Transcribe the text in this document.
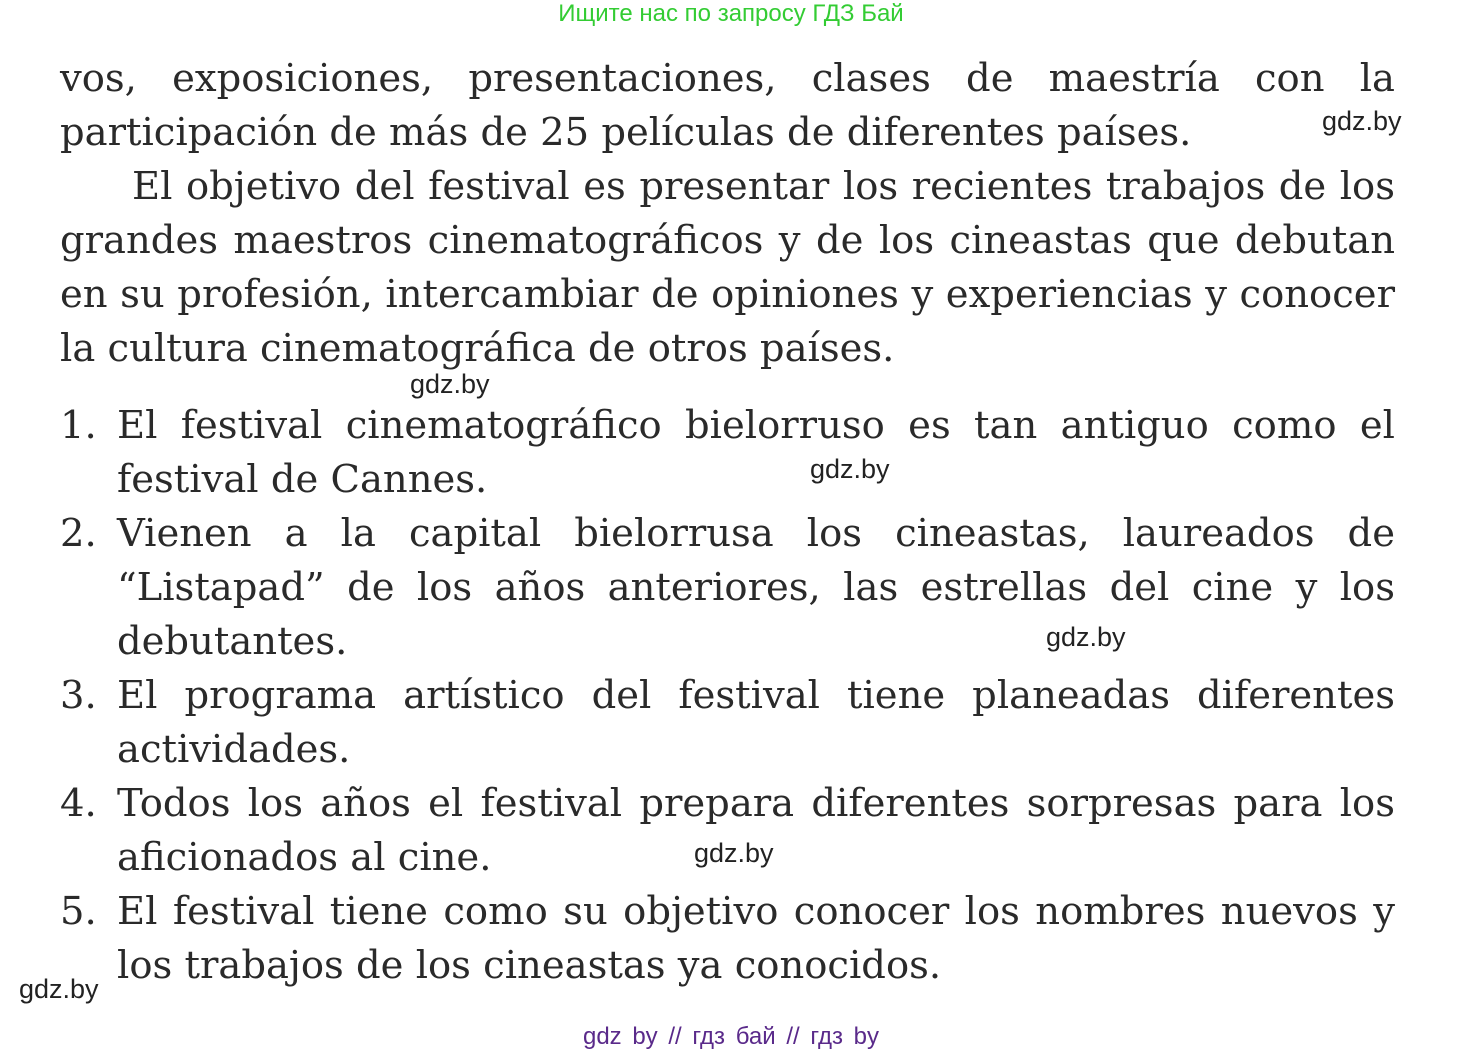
Ищите нас по запросу ГДЗ Бай

vos, exposiciones, presentaciones, clases de maestría con la participación de más de 25 películas de diferentes países.

El objetivo del festival es presentar los recientes trabajos de los grandes maestros cinematográficos y de los cineastas que debutan en su profesión, intercambiar de opiniones y experiencias y conocer la cultura cinematográfica de otros países.

1. El festival cinematográfico bielorruso es tan antiguo como el festival de Cannes.
2. Vienen a la capital bielorrusa los cineastas, laureados de “Listapad” de los años anteriores, las estrellas del cine y los debutantes.
3. El programa artístico del festival tiene planeadas diferentes actividades.
4. Todos los años el festival prepara diferentes sorpresas para los aficionados al cine.
5. El festival tiene como su objetivo conocer los nombres nuevos y los trabajos de los cineastas ya conocidos.
gdz.by
gdz.by
gdz.by
gdz.by
gdz.by
gdz.by
gdz by // гдз бай // гдз by
